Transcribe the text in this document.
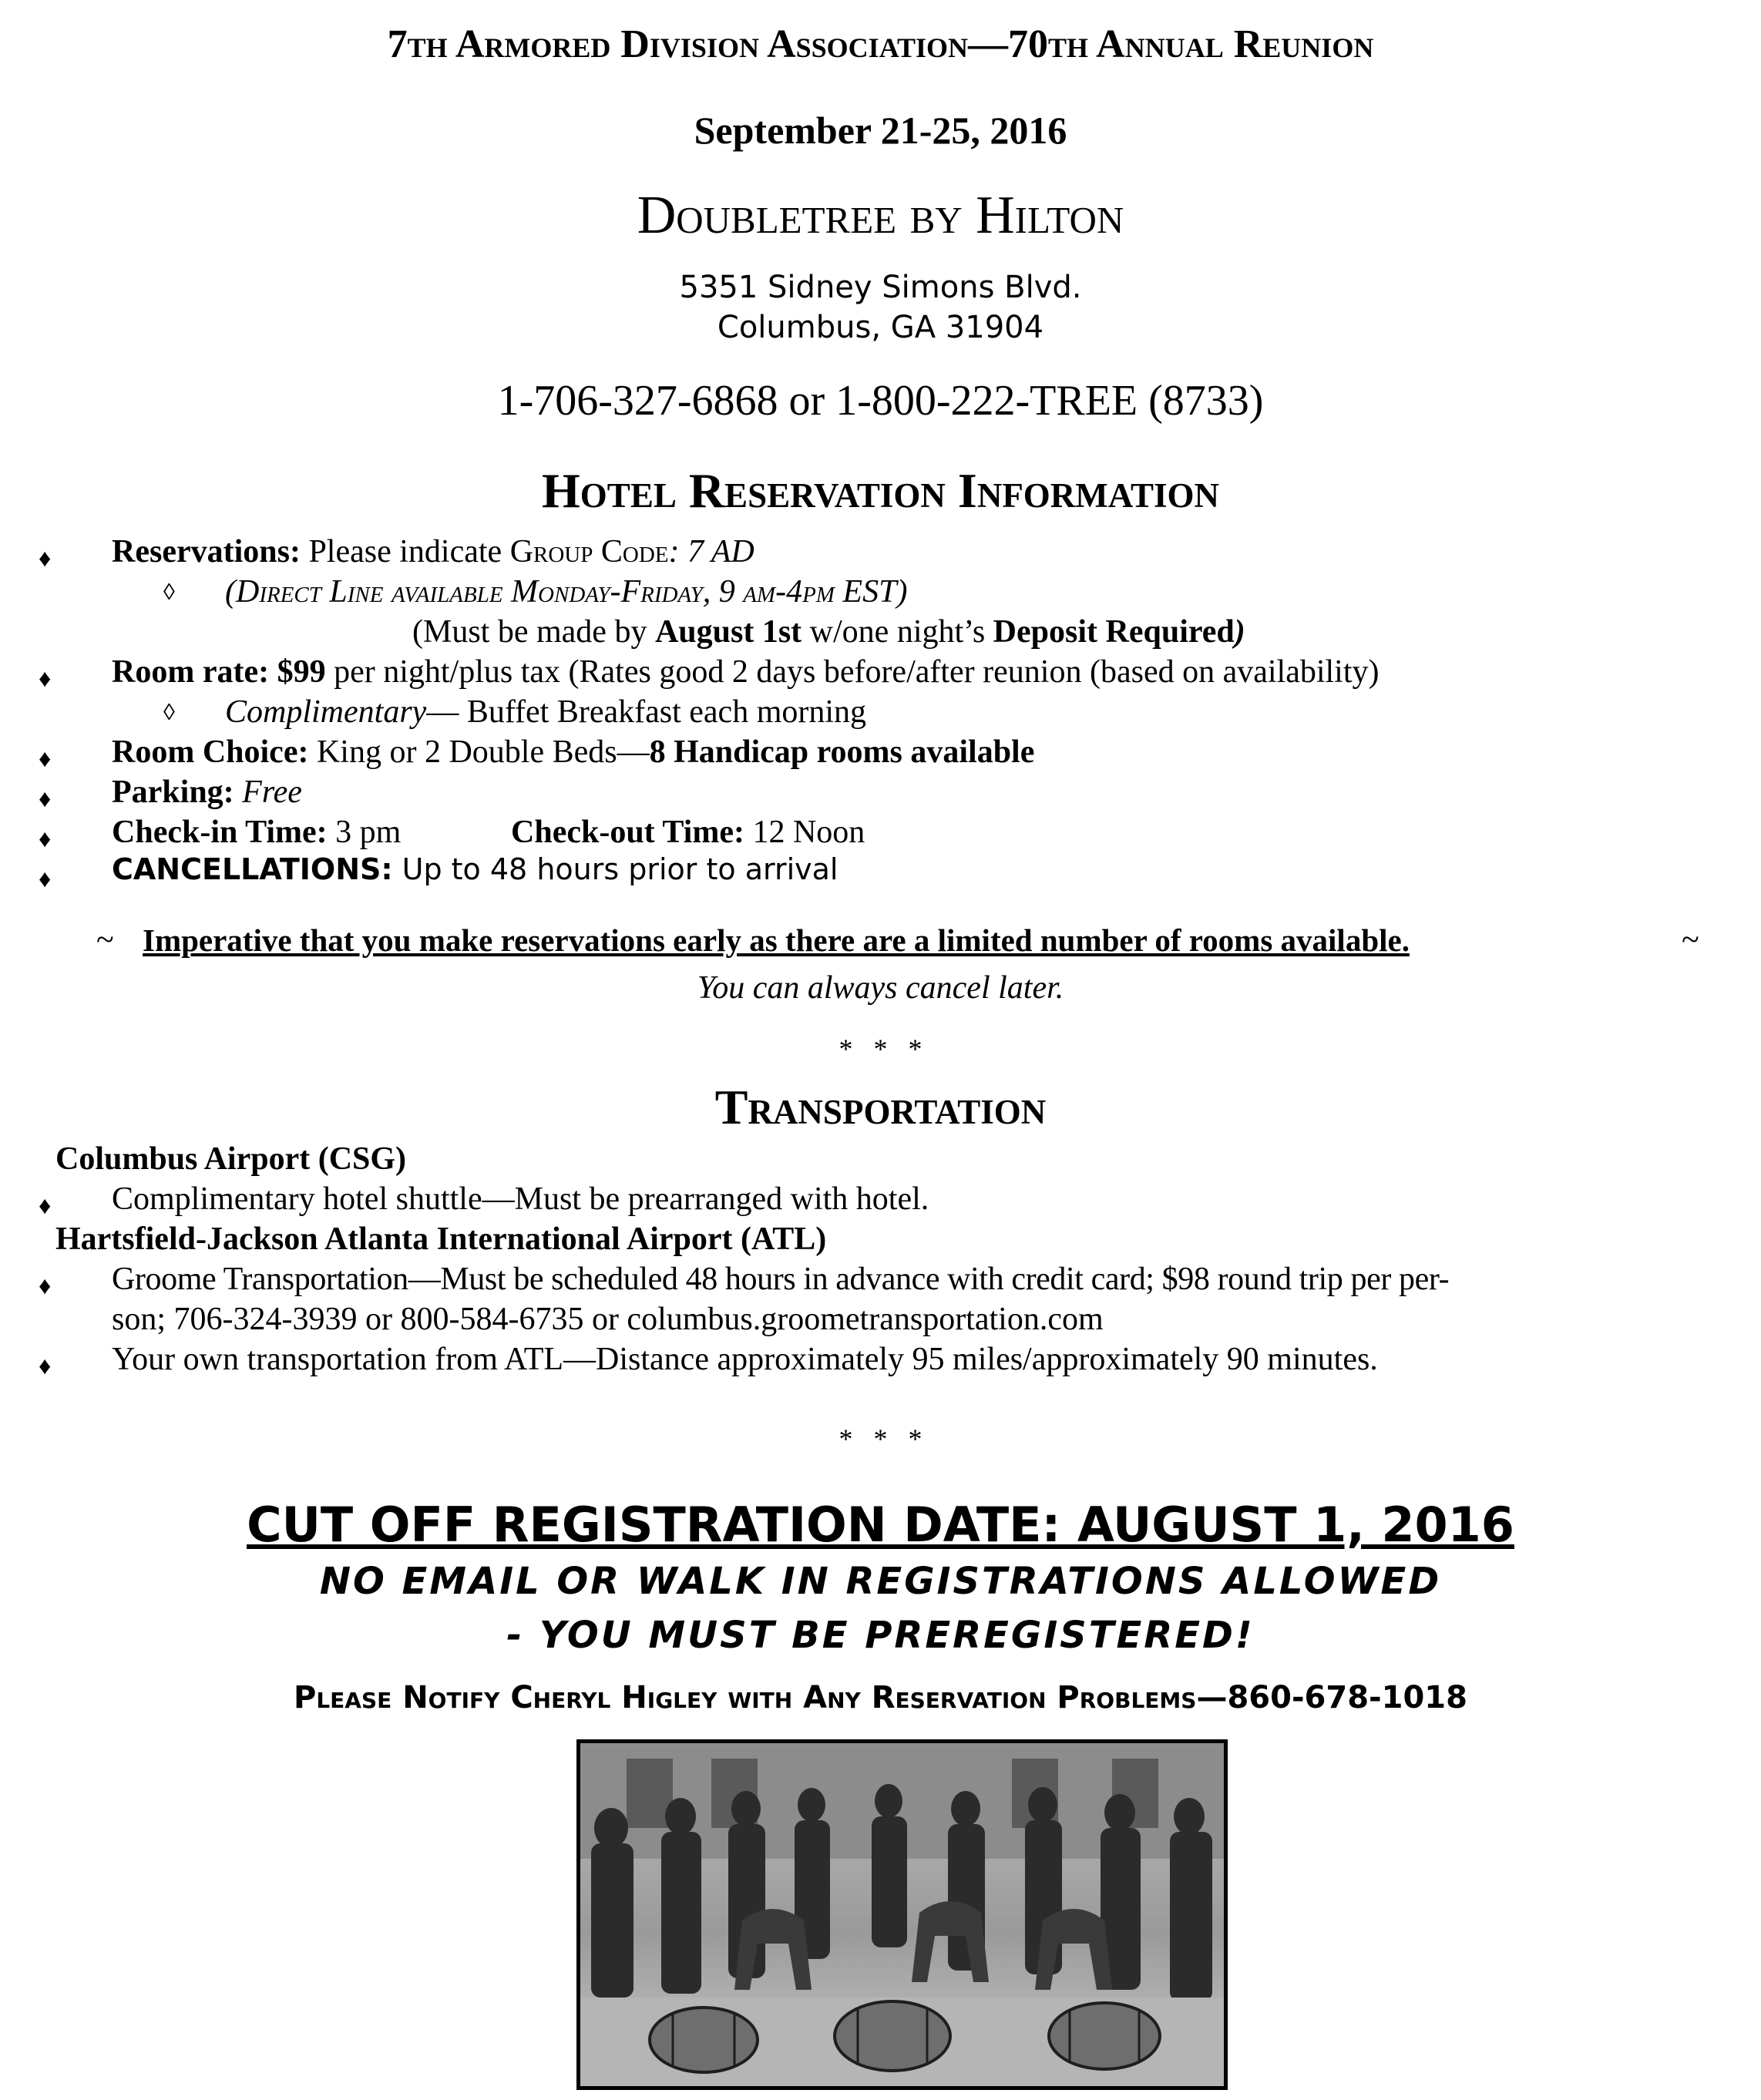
7th Armored Division Association—70th Annual Reunion
September 21-25, 2016
Doubletree by Hilton
5351 Sidney Simons Blvd.
Columbus, GA 31904
1-706-327-6868 or 1-800-222-TREE (8733)
Hotel Reservation Information
♦ Reservations: Please indicate Group Code: 7 AD
◊ (Direct Line available Monday-Friday, 9 am-4pm EST)
(Must be made by August 1st w/one night’s Deposit Required)
♦ Room rate: $99 per night/plus tax (Rates good 2 days before/after reunion (based on availability)
◊ Complimentary— Buffet Breakfast each morning
♦ Room Choice: King or 2 Double Beds—8 Handicap rooms available
♦ Parking: Free
♦ Check-in Time: 3 pm	Check-out Time: 12 Noon
♦ CANCELLATIONS: Up to 48 hours prior to arrival
~ Imperative that you make reservations early as there are a limited number of rooms available.	~
You can always cancel later.
*   *   *
Transportation
Columbus Airport (CSG)
♦ Complimentary hotel shuttle—Must be prearranged with hotel.
Hartsfield-Jackson Atlanta International Airport (ATL)
♦ Groome Transportation—Must be scheduled 48 hours in advance with credit card; $98 round trip per per-
son; 706-324-3939 or 800-584-6735 or columbus.groometransportation.com
♦ Your own transportation from ATL—Distance approximately 95 miles/approximately 90 minutes.
*   *   *
CUT OFF REGISTRATION DATE: AUGUST 1, 2016
NO EMAIL OR WALK IN REGISTRATIONS ALLOWED
- YOU MUST BE PREREGISTERED!
Please Notify Cheryl Higley with Any Reservation Problems—860-678-1018
